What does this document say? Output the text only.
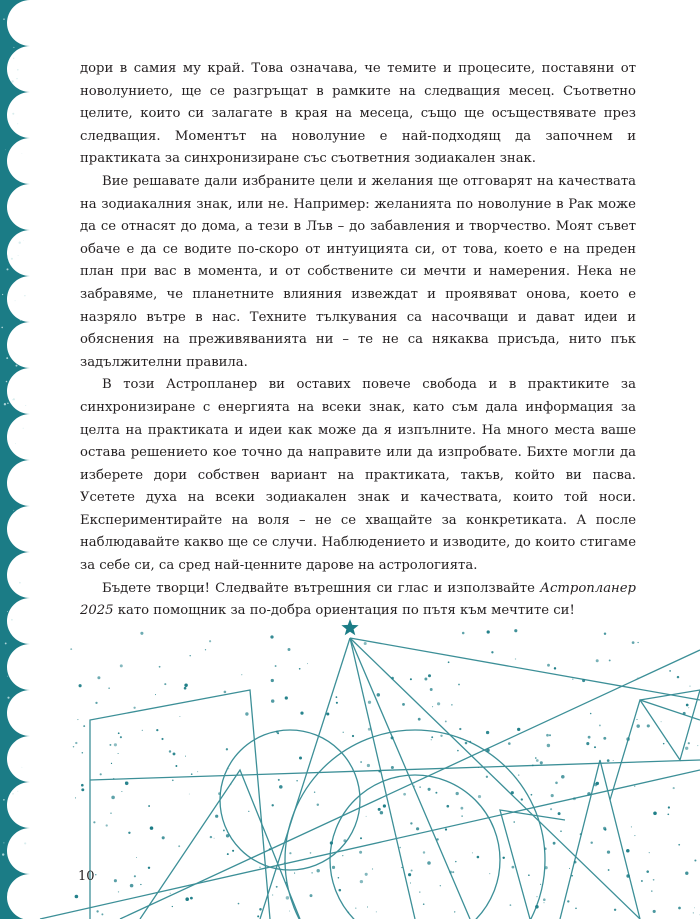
дори в самия му край. Това означава, че темите и процесите, поставяни от новолунието, ще се разгръщат в рамките на следващия месец. Съответно целите, които си залагате в края на месеца, също ще осъществявате през следващия. Моментът на новолуние е най-подходящ да започнем и практиката за синхронизиране със съответния зодиакален знак.

Вие решавате дали избраните цели и желания ще отговарят на качествата на зодиакалния знак, или не. Например: желанията по новолуние в Рак може да се отнасят до дома, а тези в Лъв – до забавления и творчество. Моят съвет обаче е да се водите по-скоро от интуицията си, от това, което е на преден план при вас в момента, и от собствените си мечти и намерения. Нека не забравяме, че планетните влияния извеждат и проявяват онова, което е назряло вътре в нас. Техните тълкувания са насочващи и дават идеи и обяснения на преживяванията ни – те не са някаква присъда, нито пък задължителни правила.

В този Астропланер ви оставих повече свобода и в практиките за синхронизиране с енергията на всеки знак, като съм дала информация за целта на практиката и идеи как може да я изпълните. На много места ваше остава решението кое точно да направите или да изпробвате. Бихте могли да изберете дори собствен вариант на практиката, такъв, който ви пасва. Усетете духа на всеки зодиакален знак и качествата, които той носи. Експериментирайте на воля – не се хващайте за конкретиката. А после наблюдавайте какво ще се случи. Наблюдението и изводите, до които стигаме за себе си, са сред най-ценните дарове на астрологията.

Бъдете творци! Следвайте вътрешния си глас и използвайте Астропланер 2025 като помощник за по-добра ориентация по пътя към мечтите си!

10
